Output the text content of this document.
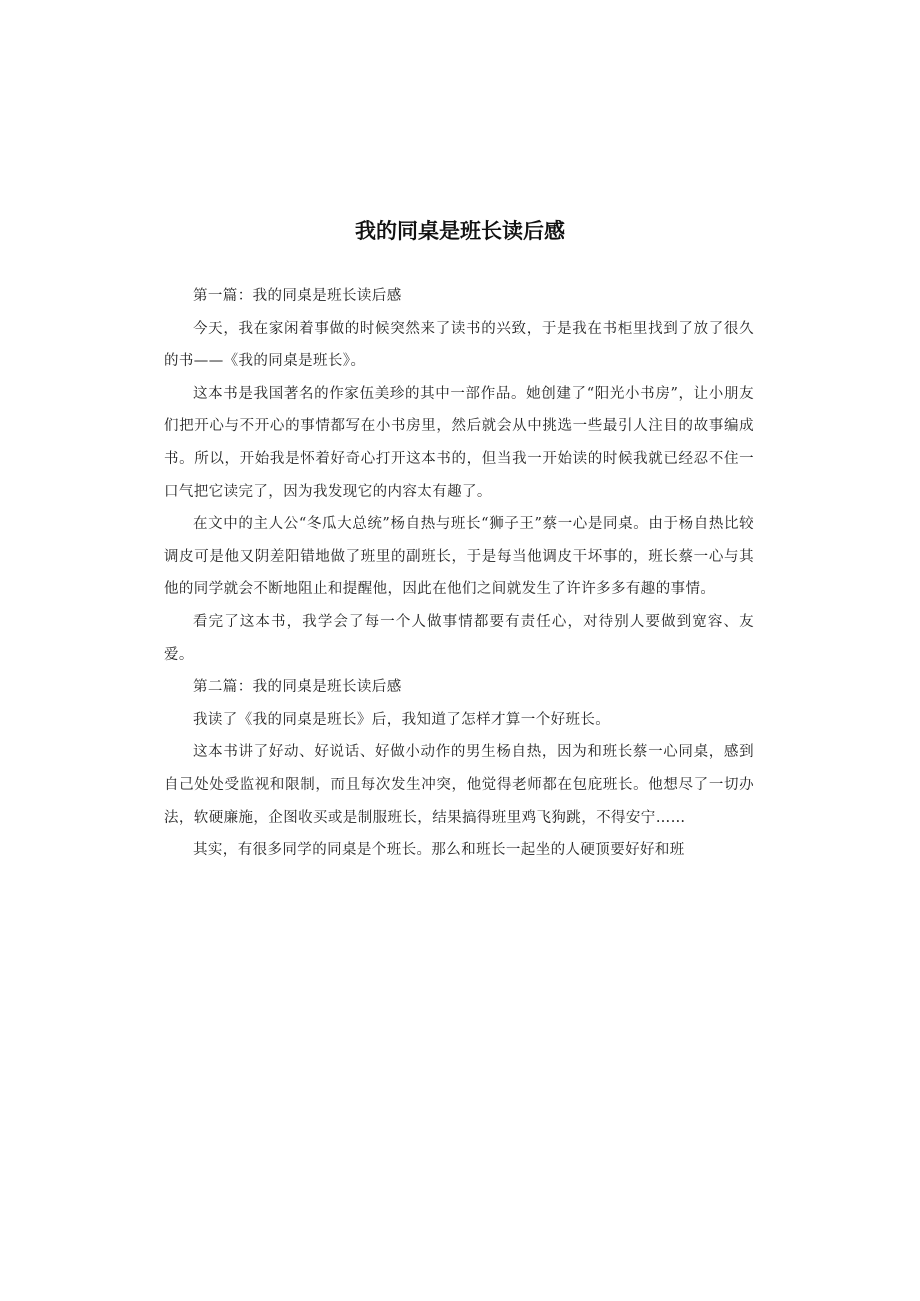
我的同桌是班长读后感

第一篇：我的同桌是班长读后感

今天，我在家闲着事做的时候突然来了读书的兴致，于是我在书柜里找到了放了很久的书——《我的同桌是班长》。

这本书是我国著名的作家伍美珍的其中一部作品。她创建了“阳光小书房”，让小朋友们把开心与不开心的事情都写在小书房里，然后就会从中挑选一些最引人注目的故事编成书。所以，开始我是怀着好奇心打开这本书的，但当我一开始读的时候我就已经忍不住一口气把它读完了，因为我发现它的内容太有趣了。

在文中的主人公“冬瓜大总统”杨自热与班长“狮子王”蔡一心是同桌。由于杨自热比较调皮可是他又阴差阳错地做了班里的副班长，于是每当他调皮干坏事的，班长蔡一心与其他的同学就会不断地阻止和提醒他，因此在他们之间就发生了许许多多有趣的事情。

看完了这本书，我学会了每一个人做事情都要有责任心，对待别人要做到宽容、友爱。

第二篇：我的同桌是班长读后感

我读了《我的同桌是班长》后，我知道了怎样才算一个好班长。

这本书讲了好动、好说话、好做小动作的男生杨自热，因为和班长蔡一心同桌，感到自己处处受监视和限制，而且每次发生冲突，他觉得老师都在包庇班长。他想尽了一切办法，软硬廉施，企图收买或是制服班长，结果搞得班里鸡飞狗跳，不得安宁……

其实，有很多同学的同桌是个班长。那么和班长一起坐的人硬顶要好好和班
